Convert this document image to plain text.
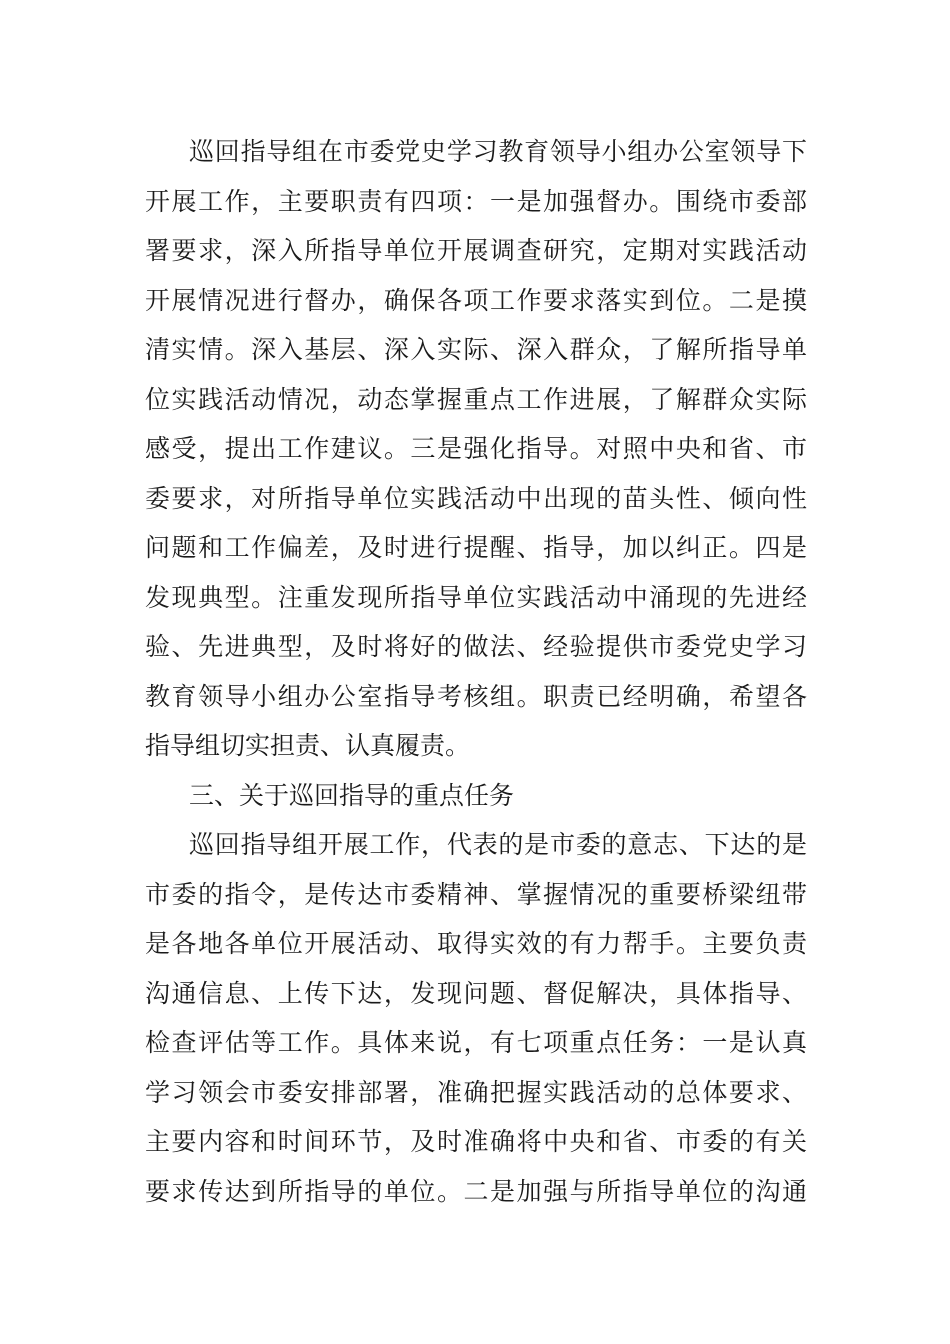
巡回指导组在市委党史学习教育领导小组办公室领导下
开展工作，主要职责有四项：一是加强督办。围绕市委部
署要求，深入所指导单位开展调查研究，定期对实践活动
开展情况进行督办，确保各项工作要求落实到位。二是摸
清实情。深入基层、深入实际、深入群众，了解所指导单
位实践活动情况，动态掌握重点工作进展，了解群众实际
感受，提出工作建议。三是强化指导。对照中央和省、市
委要求，对所指导单位实践活动中出现的苗头性、倾向性
问题和工作偏差，及时进行提醒、指导，加以纠正。四是
发现典型。注重发现所指导单位实践活动中涌现的先进经
验、先进典型，及时将好的做法、经验提供市委党史学习
教育领导小组办公室指导考核组。职责已经明确，希望各
指导组切实担责、认真履责。
三、关于巡回指导的重点任务
巡回指导组开展工作，代表的是市委的意志、下达的是
市委的指令，是传达市委精神、掌握情况的重要桥梁纽带
是各地各单位开展活动、取得实效的有力帮手。主要负责
沟通信息、上传下达，发现问题、督促解决，具体指导、
检查评估等工作。具体来说，有七项重点任务：一是认真
学习领会市委安排部署，准确把握实践活动的总体要求、
主要内容和时间环节，及时准确将中央和省、市委的有关
要求传达到所指导的单位。二是加强与所指导单位的沟通
